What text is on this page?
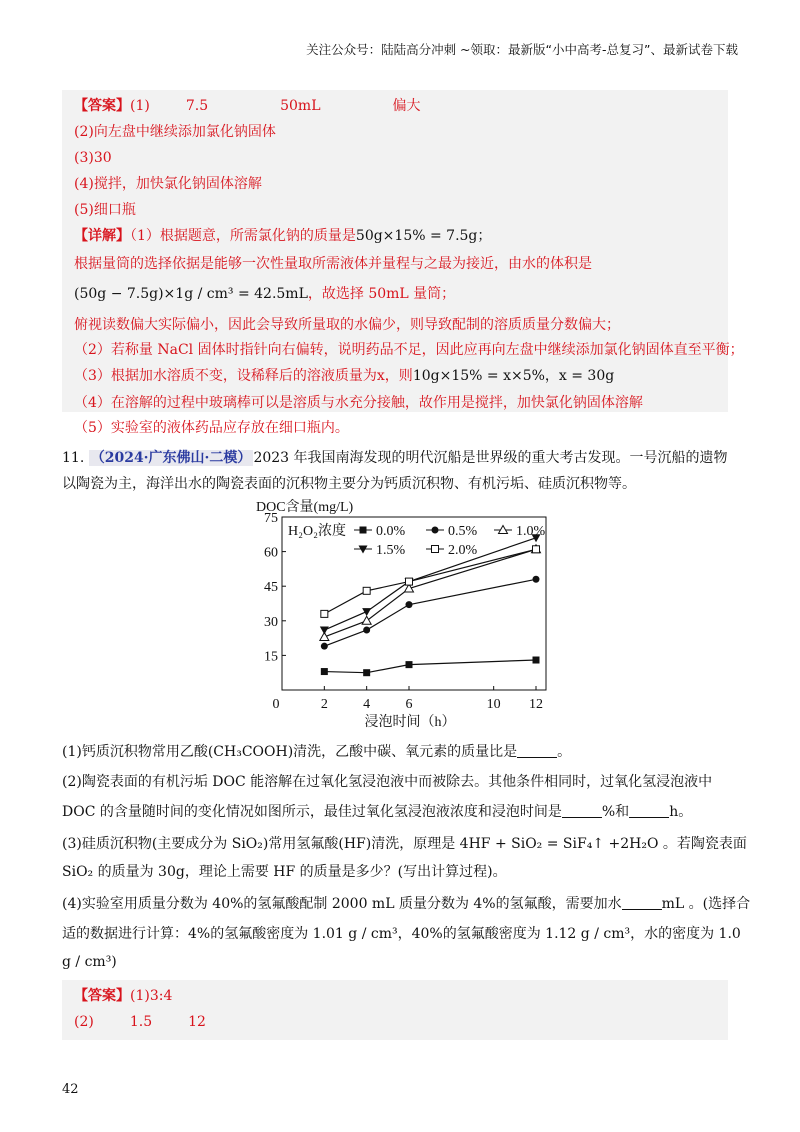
关注公众号：陆陆高分冲刺 ~领取：最新版“小中高考-总复习”、最新试卷下载
【答案】(1)	7.5	50mL	偏大
(2)向左盘中继续添加氯化钠固体
(3)30
(4)搅拌，加快氯化钠固体溶解
(5)细口瓶
【详解】（1）根据题意，所需氯化钠的质量是50g×15% = 7.5g；
根据量筒的选择依据是能够一次性量取所需液体并量程与之最为接近，由水的体积是
(50g − 7.5g)×1g / cm³ = 42.5mL，故选择 50mL 量筒；
俯视读数偏大实际偏小，因此会导致所量取的水偏少，则导致配制的溶质质量分数偏大；
（2）若称量 NaCl 固体时指针向右偏转，说明药品不足，因此应再向左盘中继续添加氯化钠固体直至平衡；
（3）根据加水溶质不变，设稀释后的溶液质量为x，则10g×15% = x×5%，x = 30g
（4）在溶解的过程中玻璃棒可以是溶质与水充分接触，故作用是搅拌，加快氯化钠固体溶解
（5）实验室的液体药品应存放在细口瓶内。
11. （2024·广东佛山·二模） 2023 年我国南海发现的明代沉船是世界级的重大考古发现。一号沉船的遗物
以陶瓷为主，海洋出水的陶瓷表面的沉积物主要分为钙质沉积物、有机污垢、硅质沉积物等。
15
30
45
60
75
0	2	4	6	10 12
DOC含量(mg/L)
浸泡时间（h）
H₂O₂浓度 0.0%	0.5%	1.0%
1.5%	2.0%
(1)钙质沉积物常用乙酸(CH₃COOH)清洗，乙酸中碳、氧元素的质量比是	。
(2)陶瓷表面的有机污垢 DOC 能溶解在过氧化氢浸泡液中而被除去。其他条件相同时，过氧化氢浸泡液中
DOC 的含量随时间的变化情况如图所示，最佳过氧化氢浸泡液浓度和浸泡时间是	%和	h。
(3)硅质沉积物(主要成分为 SiO₂)常用氢氟酸(HF)清洗，原理是 4HF + SiO₂ = SiF₄↑ +2H₂O 。若陶瓷表面
SiO₂ 的质量为 30g，理论上需要 HF 的质量是多少？(写出计算过程)。
(4)实验室用质量分数为 40%的氢氟酸配制 2000 mL 质量分数为 4%的氢氟酸，需要加水	mL 。(选择合
适的数据进行计算：4%的氢氟酸密度为 1.01 g / cm³，40%的氢氟酸密度为 1.12 g / cm³，水的密度为 1.0
g / cm³)
【答案】(1)3:4
(2)	1.5	12
42
